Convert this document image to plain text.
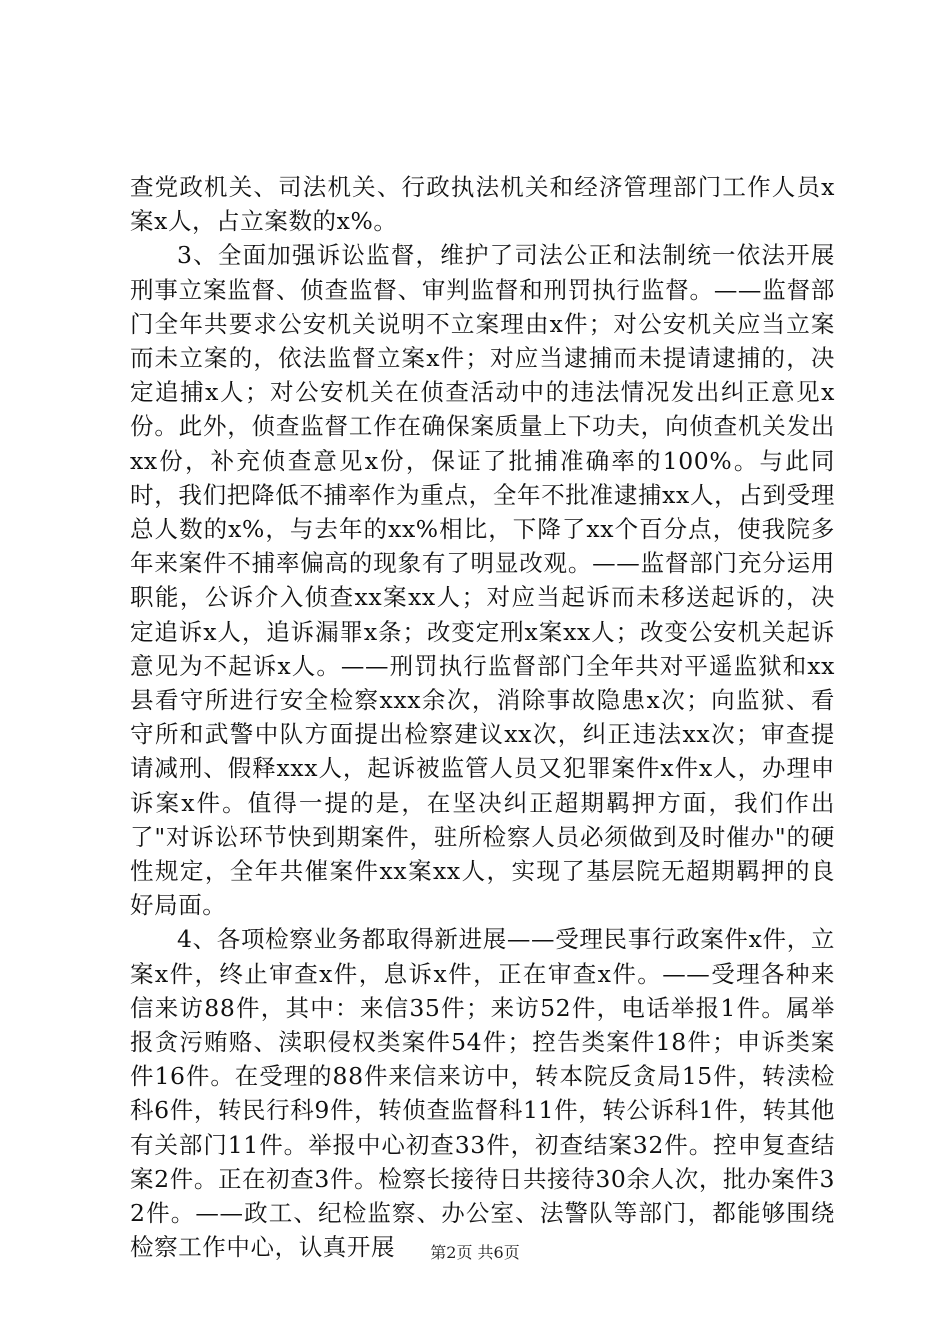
查党政机关、司法机关、行政执法机关和经济管理部门工作人员x案x人，占立案数的x%。

3、全面加强诉讼监督，维护了司法公正和法制统一依法开展刑事立案监督、侦查监督、审判监督和刑罚执行监督。——监督部门全年共要求公安机关说明不立案理由x件；对公安机关应当立案而未立案的，依法监督立案x件；对应当逮捕而未提请逮捕的，决定追捕x人；对公安机关在侦查活动中的违法情况发出纠正意见x份。此外，侦查监督工作在确保案质量上下功夫，向侦查机关发出xx份，补充侦查意见x份，保证了批捕准确率的100%。与此同时，我们把降低不捕率作为重点，全年不批准逮捕xx人，占到受理总人数的x%，与去年的xx%相比，下降了xx个百分点，使我院多年来案件不捕率偏高的现象有了明显改观。——监督部门充分运用职能，公诉介入侦查xx案xx人；对应当起诉而未移送起诉的，决定追诉x人，追诉漏罪x条；改变定刑x案xx人；改变公安机关起诉意见为不起诉x人。——刑罚执行监督部门全年共对平遥监狱和xx县看守所进行安全检察xxx余次，消除事故隐患x次；向监狱、看守所和武警中队方面提出检察建议xx次，纠正违法xx次；审查提请减刑、假释xxx人，起诉被监管人员又犯罪案件x件x人，办理申诉案x件。值得一提的是，在坚决纠正超期羁押方面，我们作出了"对诉讼环节快到期案件，驻所检察人员必须做到及时催办"的硬性规定，全年共催案件xx案xx人，实现了基层院无超期羁押的良好局面。

4、各项检察业务都取得新进展——受理民事行政案件x件，立案x件，终止审查x件，息诉x件，正在审查x件。——受理各种来信来访88件，其中：来信35件；来访52件，电话举报1件。属举报贪污贿赂、渎职侵权类案件54件；控告类案件18件；申诉类案件16件。在受理的88件来信来访中，转本院反贪局15件，转渎检科6件，转民行科9件，转侦查监督科11件，转公诉科1件，转其他有关部门11件。举报中心初查33件，初查结案32件。控申复查结案2件。正在初查3件。检察长接待日共接待30余人次，批办案件32件。——政工、纪检监察、办公室、法警队等部门，都能够围绕检察工作中心，认真开展	第2页 共6页
